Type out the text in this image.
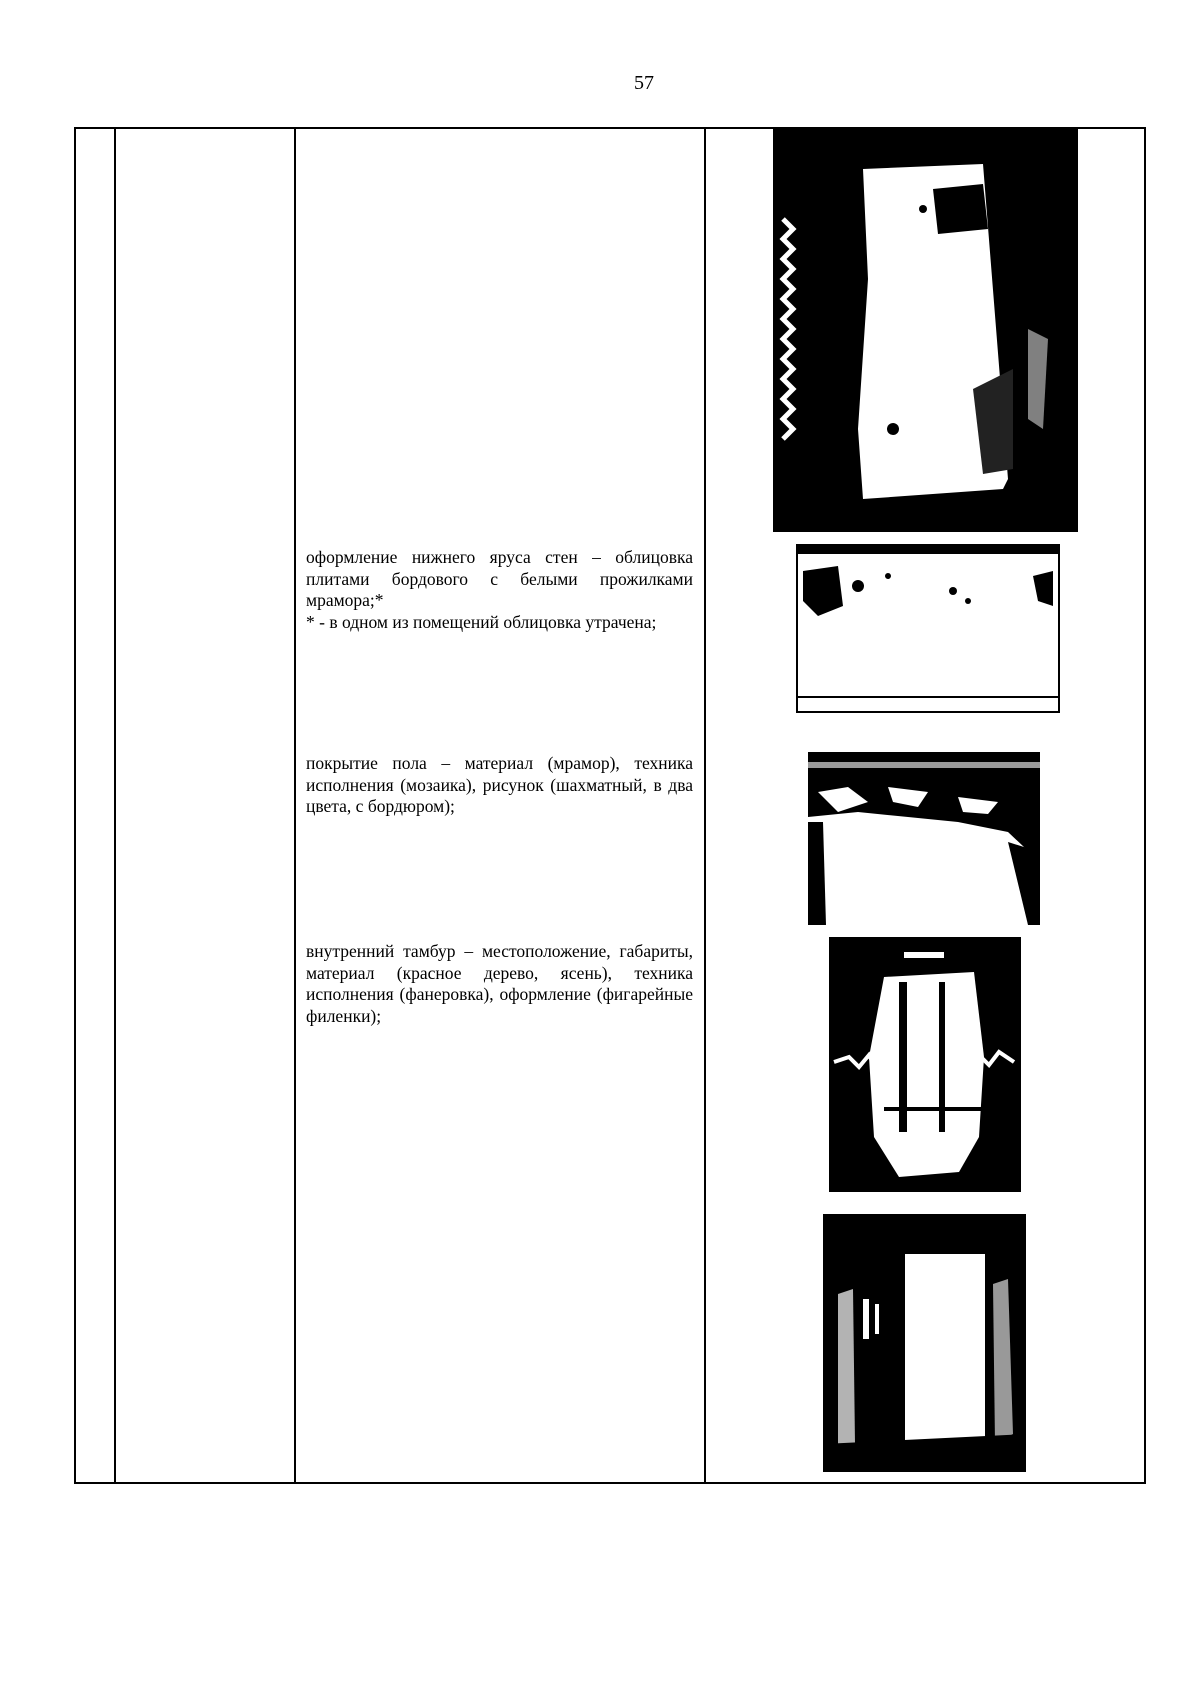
57

оформление нижнего яруса стен – облицовка плитами бордового с белыми прожилками мрамора;*

* - в одном из помещений облицовка утрачена;

покрытие пола – материал (мрамор), техника исполнения (мозаика), рисунок (шахматный, в два цвета, с бордюром);

внутренний тамбур – местоположение, габариты, материал (красное дерево, ясень), техника исполнения (фанеровка), оформление (фигарейные филенки);
